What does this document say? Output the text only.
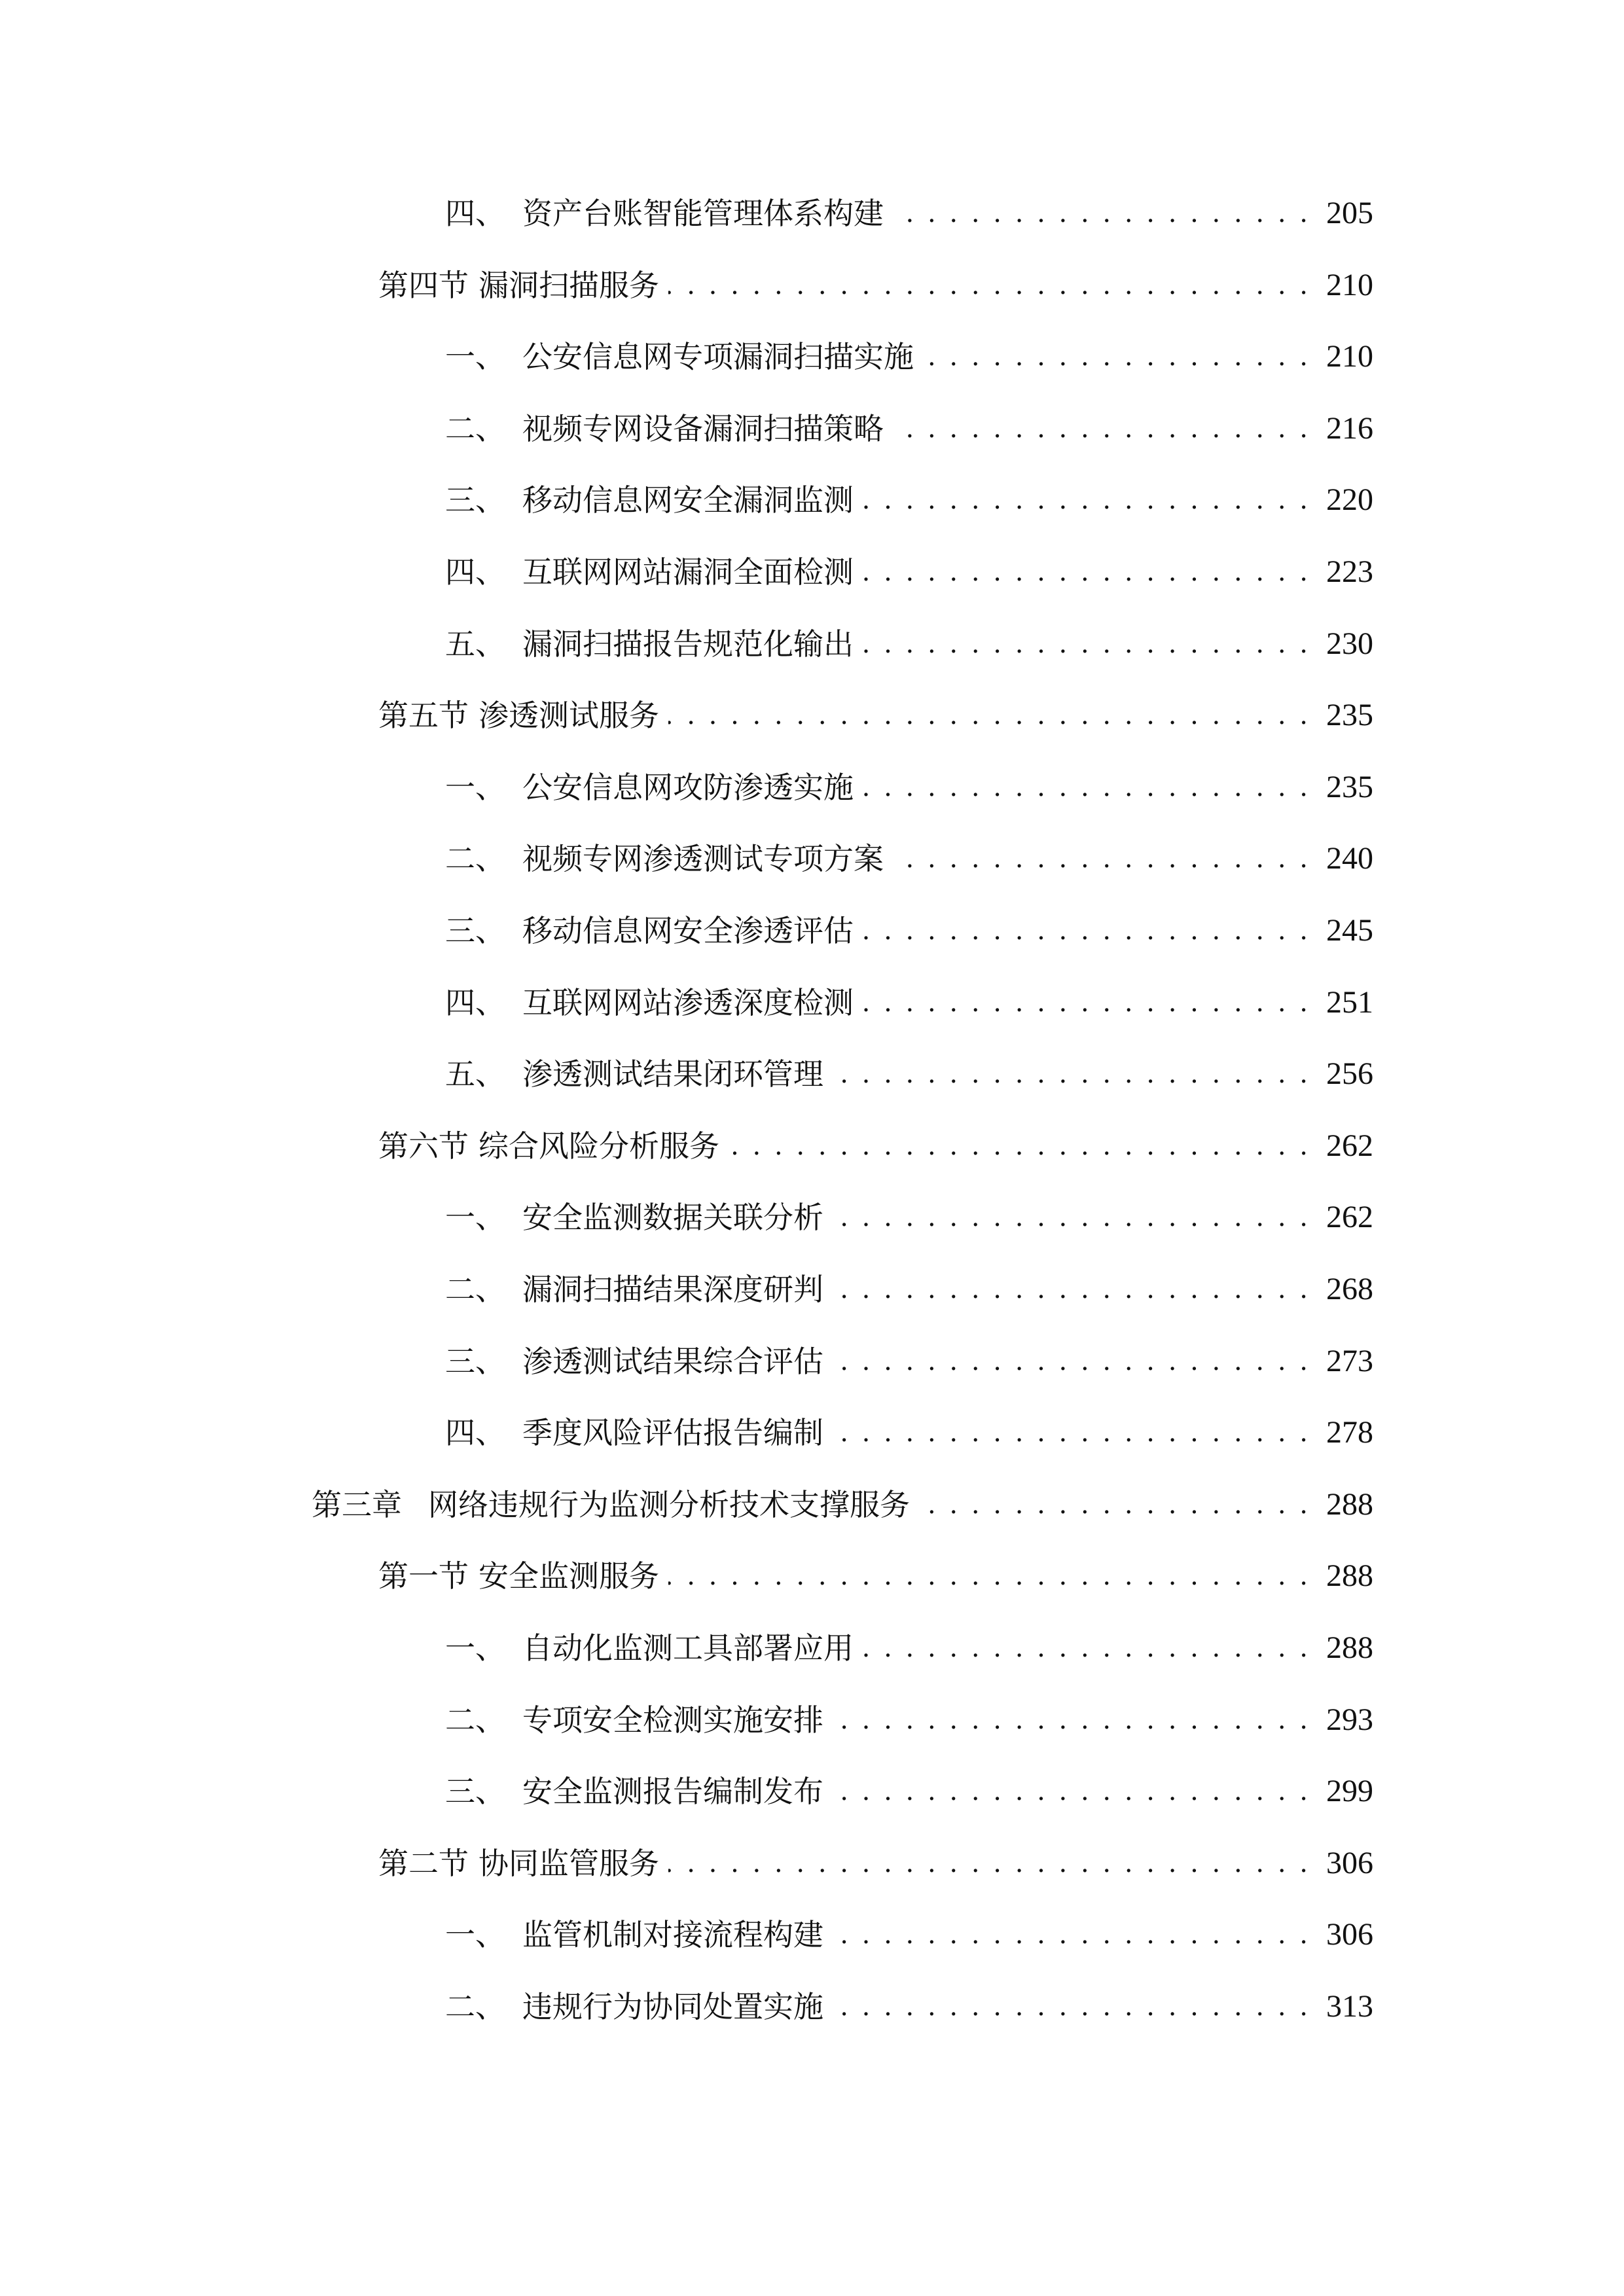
四、 资产台账智能管理体系构建 . . .	205
第四节 漏洞扫描服务 . . .	210
一、 公安信息网专项漏洞扫描实施 . . .	210
二、 视频专网设备漏洞扫描策略 . . .	216
三、 移动信息网安全漏洞监测 . . .	220
四、 互联网网站漏洞全面检测 . . .	223
五、 漏洞扫描报告规范化输出 . . .	230
第五节 渗透测试服务 . . .	235
一、 公安信息网攻防渗透实施 . . .	235
二、 视频专网渗透测试专项方案 . . .	240
三、 移动信息网安全渗透评估 . . .	245
四、 互联网网站渗透深度检测 . . .	251
五、 渗透测试结果闭环管理 . . .	256
第六节 综合风险分析服务 . . .	262
一、 安全监测数据关联分析 . . .	262
二、 漏洞扫描结果深度研判 . . .	268
三、 渗透测试结果综合评估 . . .	273
四、 季度风险评估报告编制 . . .	278
第三章 网络违规行为监测分析技术支撑服务 . . .	288
第一节 安全监测服务 . . .	288
一、 自动化监测工具部署应用 . . .	288
二、 专项安全检测实施安排 . . .	293
三、 安全监测报告编制发布 . . .	299
第二节 协同监管服务 . . .	306
一、 监管机制对接流程构建 . . .	306
二、 违规行为协同处置实施 . . .	313
